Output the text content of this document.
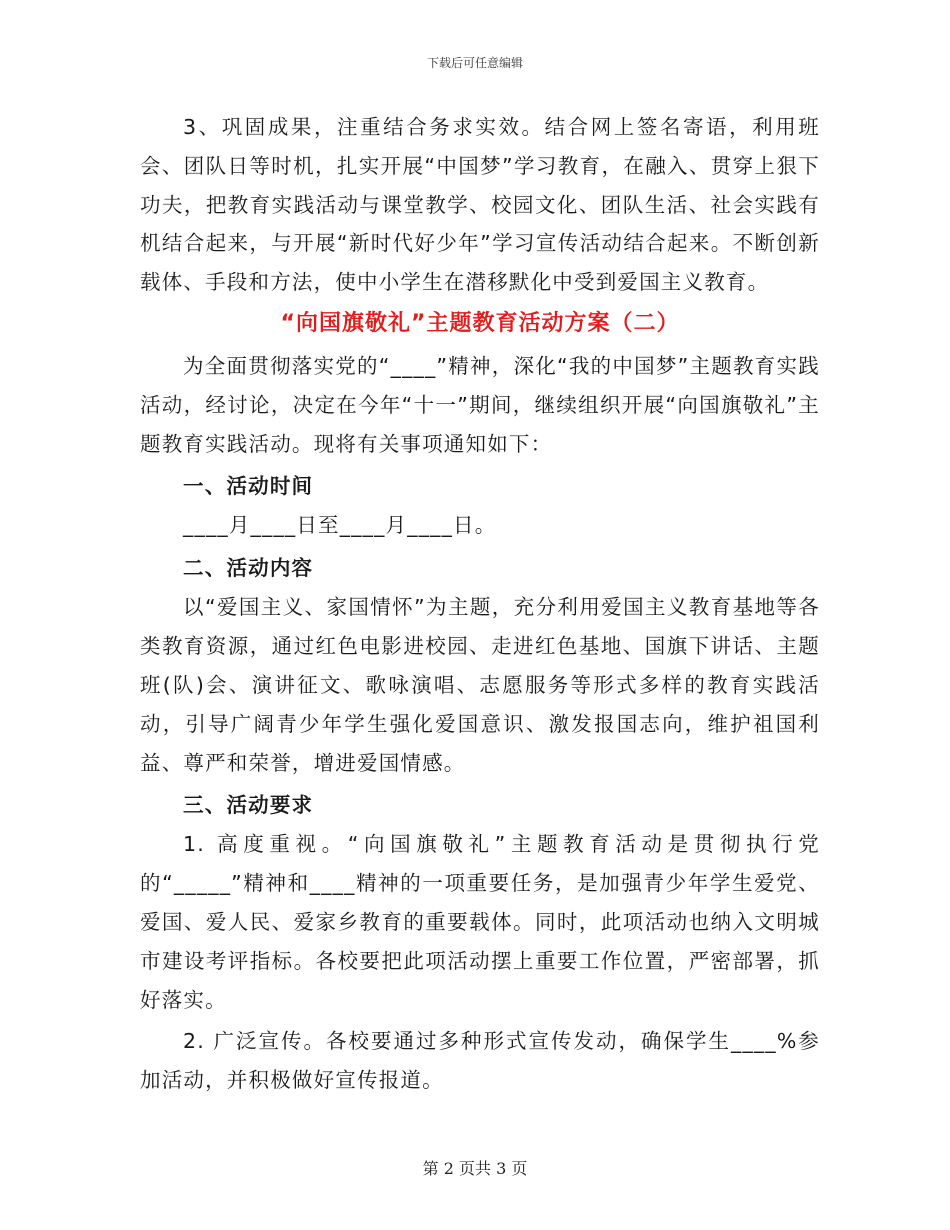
下载后可任意编辑

3、巩固成果，注重结合务求实效。结合网上签名寄语，利用班会、团队日等时机，扎实开展“中国梦”学习教育，在融入、贯穿上狠下功夫，把教育实践活动与课堂教学、校园文化、团队生活、社会实践有机结合起来，与开展“新时代好少年”学习宣传活动结合起来。不断创新载体、手段和方法，使中小学生在潜移默化中受到爱国主义教育。

“向国旗敬礼”主题教育活动方案（二）

为全面贯彻落实党的“____”精神，深化“我的中国梦”主题教育实践活动，经讨论，决定在今年“十一”期间，继续组织开展“向国旗敬礼”主题教育实践活动。现将有关事项通知如下：

一、活动时间

____月____日至____月____日。

二、活动内容

以“爱国主义、家国情怀”为主题，充分利用爱国主义教育基地等各类教育资源，通过红色电影进校园、走进红色基地、国旗下讲话、主题班(队)会、演讲征文、歌咏演唱、志愿服务等形式多样的教育实践活动，引导广阔青少年学生强化爱国意识、激发报国志向，维护祖国利益、尊严和荣誉，增进爱国情感。

三、活动要求

1. 高度重视。“向国旗敬礼”主题教育活动是贯彻执行党的“_____”精神和____精神的一项重要任务，是加强青少年学生爱党、爱国、爱人民、爱家乡教育的重要载体。同时，此项活动也纳入文明城市建设考评指标。各校要把此项活动摆上重要工作位置，严密部署，抓好落实。

2. 广泛宣传。各校要通过多种形式宣传发动，确保学生____%参加活动，并积极做好宣传报道。

第 2 页共 3 页
